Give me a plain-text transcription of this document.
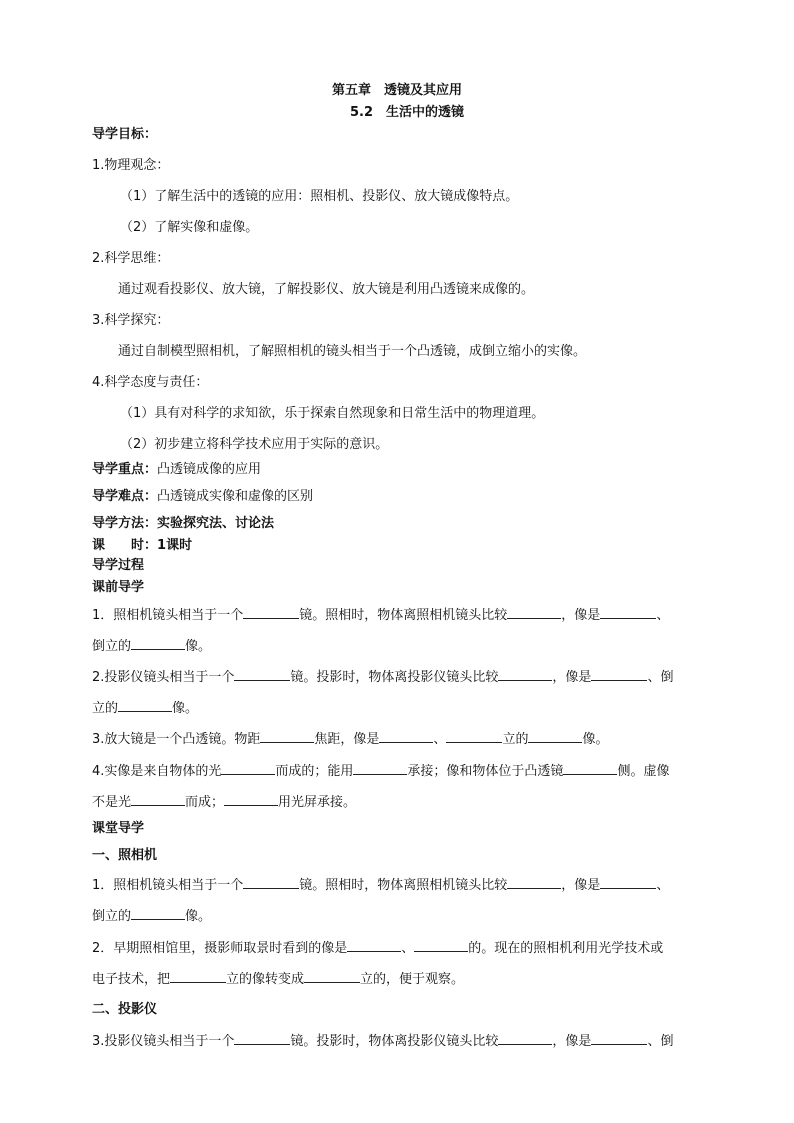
第五章　透镜及其应用
5.2　生活中的透镜
导学目标：
1.物理观念：
（1）了解生活中的透镜的应用：照相机、投影仪、放大镜成像特点。
（2）了解实像和虚像。
2.科学思维：
通过观看投影仪、放大镜，了解投影仪、放大镜是利用凸透镜来成像的。
3.科学探究：
通过自制模型照相机，了解照相机的镜头相当于一个凸透镜，成倒立缩小的实像。
4.科学态度与责任：
（1）具有对科学的求知欲，乐于探索自然现象和日常生活中的物理道理。
（2）初步建立将科学技术应用于实际的意识。
导学重点：凸透镜成像的应用
导学难点：凸透镜成实像和虚像的区别
导学方法：实验探究法、讨论法
课 时：1课时
导学过程
课前导学
1．照相机镜头相当于一个	镜。照相时，物体离照相机镜头比较	，像是	、
倒立的	像。
2.投影仪镜头相当于一个	镜。投影时，物体离投影仪镜头比较	，像是	、倒
立的	像。
3.放大镜是一个凸透镜。物距	焦距，像是	、	立的	像。
4.实像是来自物体的光	而成的；能用	承接；像和物体位于凸透镜	侧。虚像
不是光	而成；	用光屏承接。
课堂导学
一、照相机
1．照相机镜头相当于一个	镜。照相时，物体离照相机镜头比较	，像是	、
倒立的	像。
2．早期照相馆里，摄影师取景时看到的像是	、	的。现在的照相机利用光学技术或
电子技术，把	立的像转变成	立的，便于观察。
二、投影仪
3.投影仪镜头相当于一个	镜。投影时，物体离投影仪镜头比较	，像是	、倒
